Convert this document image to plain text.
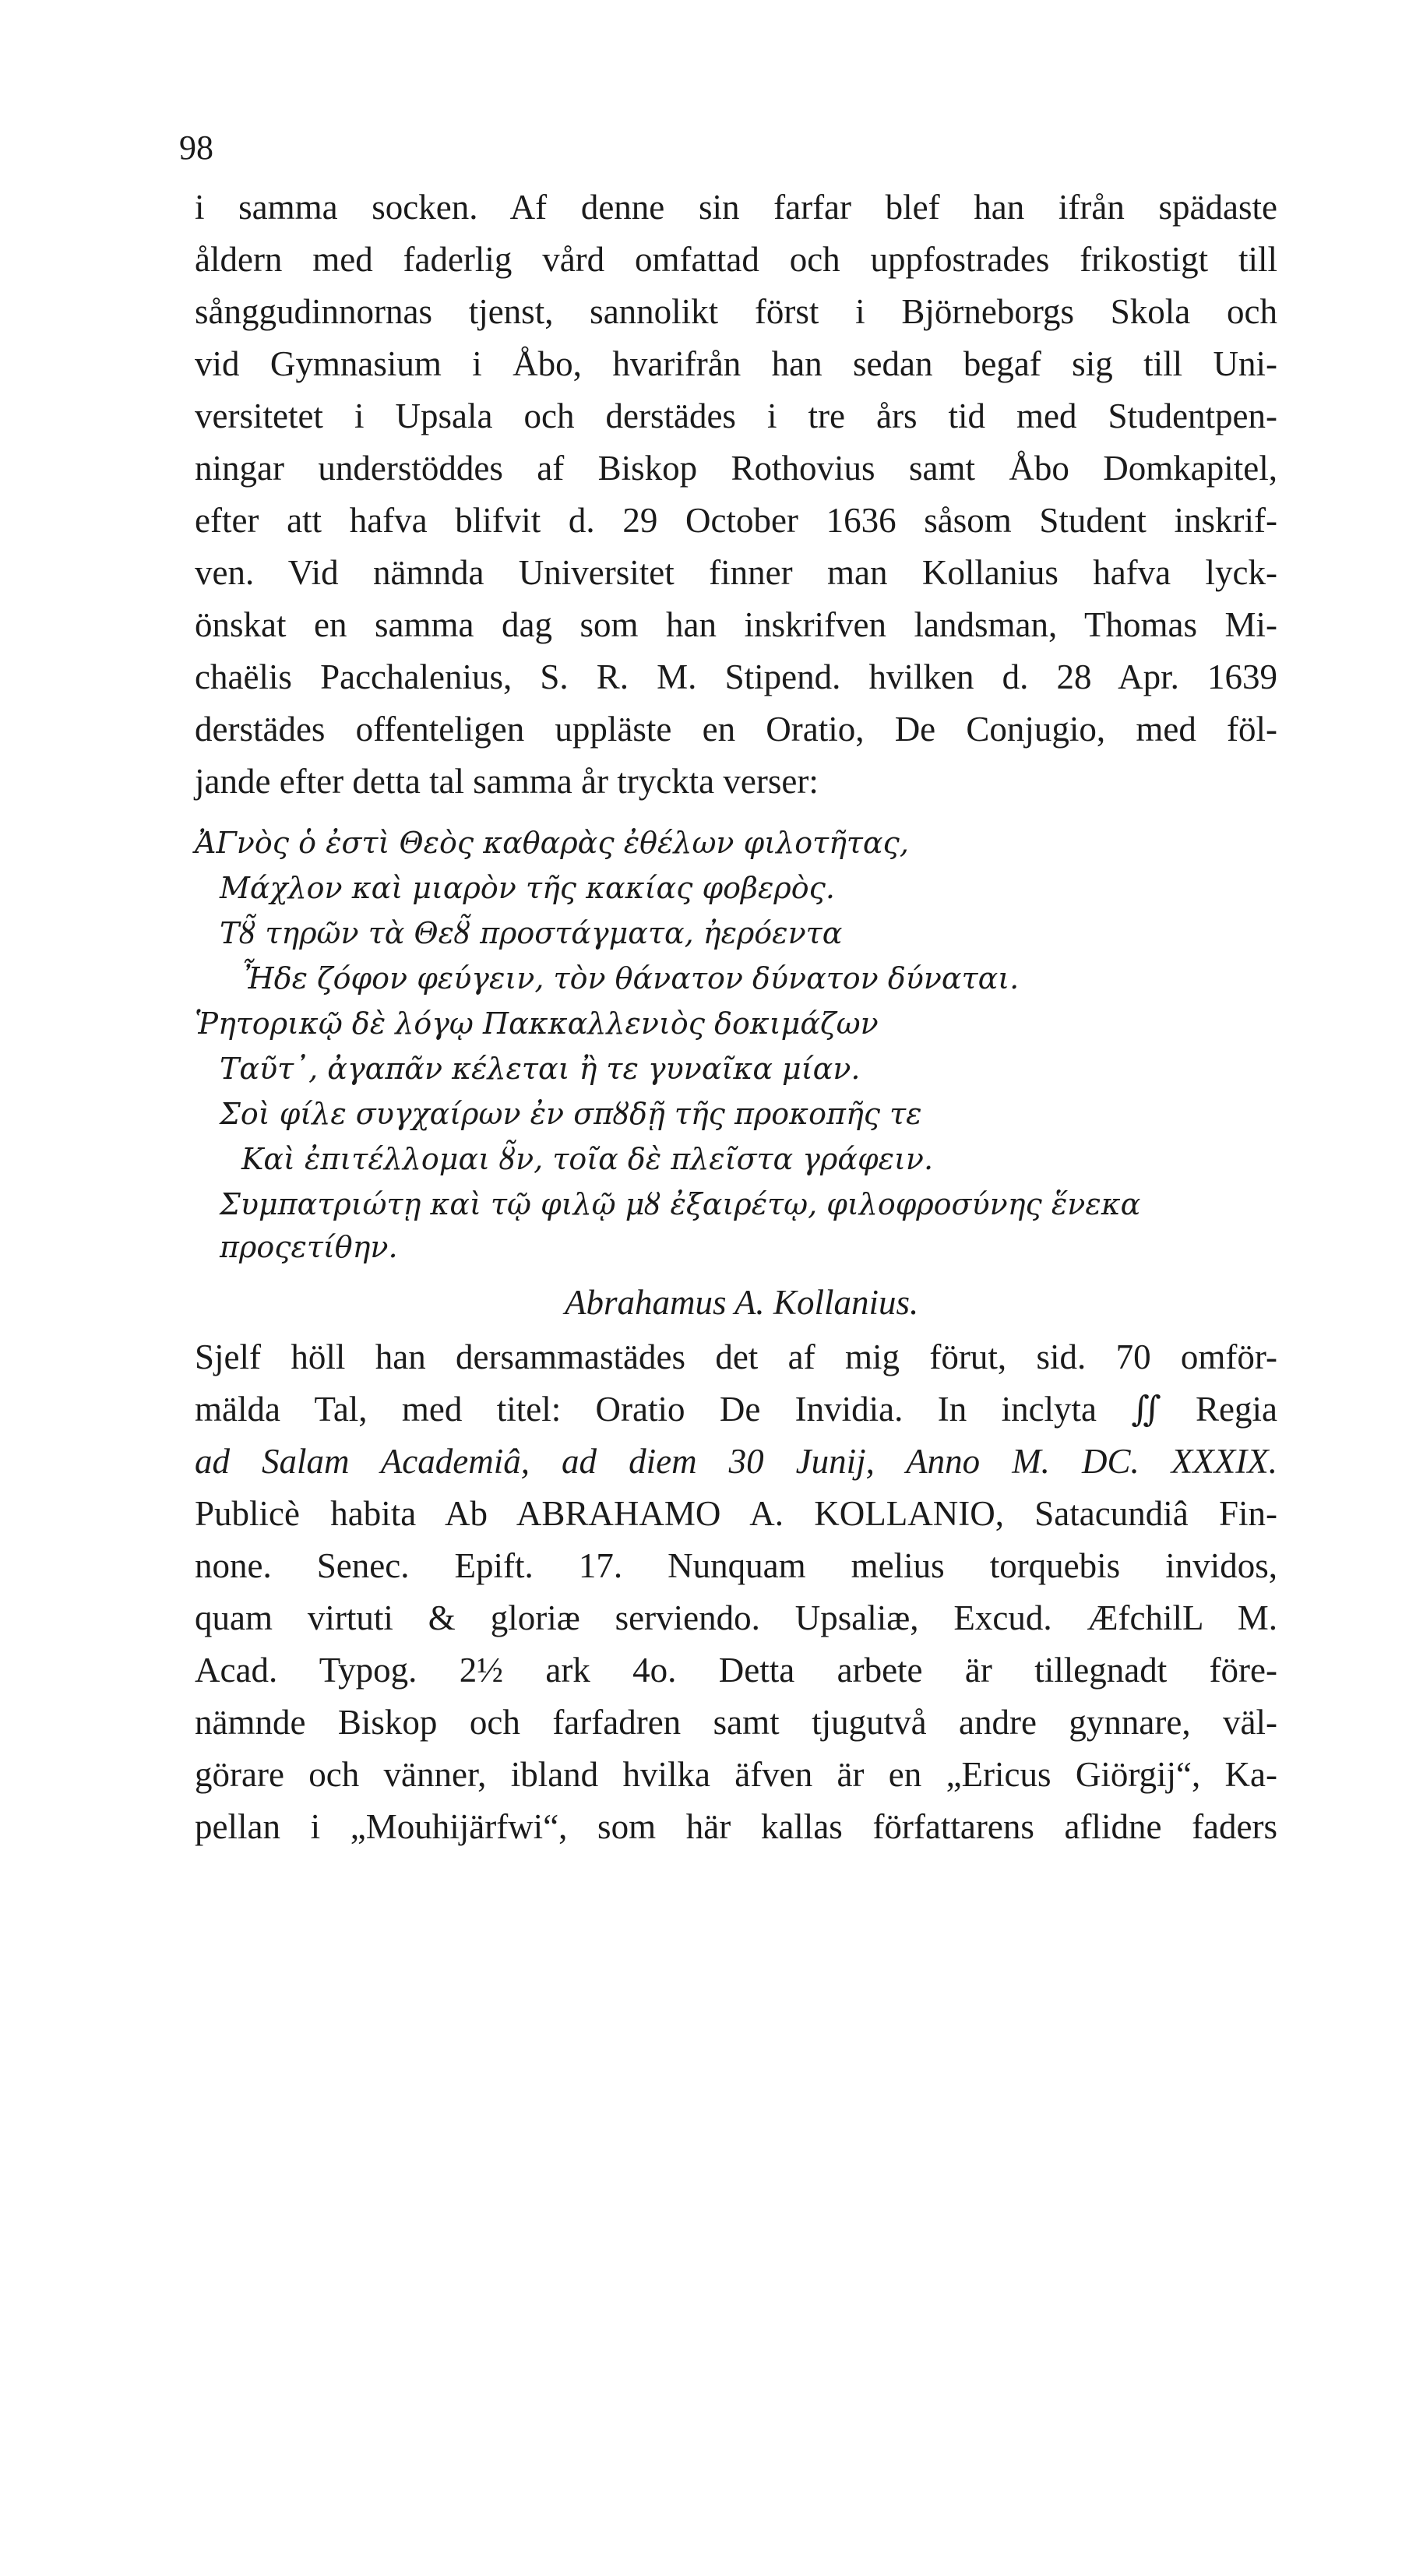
98
i samma socken. Af denne sin farfar blef han ifrån spädaste
åldern med faderlig vård omfattad och uppfostrades frikostigt till
sånggudinnornas tjenst, sannolikt först i Björneborgs Skola och
vid Gymnasium i Åbo, hvarifrån han sedan begaf sig till Uni-
versitetet i Upsala och derstädes i tre års tid med Studentpen-
ningar understöddes af Biskop Rothovius samt Åbo Domkapitel,
efter att hafva blifvit d. 29 October 1636 såsom Student inskrif-
ven. Vid nämnda Universitet finner man Kollanius hafva lyck-
önskat en samma dag som han inskrifven landsman, Thomas Mi-
chaëlis Pacchalenius, S. R. M. Stipend. hvilken d. 28 Apr. 1639
derstädes offenteligen uppläste en Oratio, De Conjugio, med föl-
jande efter detta tal samma år tryckta verser:
ἈΓνὸς ὁ ἐστὶ Θεὸς καθαρὰς ἐθέλων φιλοτῆτας,
Μάχλον καὶ μιαρὸν τῆς κακίας φοβερὸς.
Τȣ̃ τηρῶν τὰ Θεȣ̃ προστάγματα, ἠερόεντα
Ἦδε ζόφον φεύγειν, τὸν θάνατον δύνατον δύναται.
Ῥητορικῷ δὲ λόγῳ Πακκαλλενιὸς δοκιμάζων
Ταῦτ᾽, ἀγαπᾶν κέλεται ἢ τε γυναῖκα μίαν.
Σοὶ φίλε συγχαίρων ἐν σπȣδῇ τῆς προκοπῆς τε
Καὶ ἐπιτέλλομαι ȣ̃ν, τοῖα δὲ πλεῖστα γράφειν.
Συμπατριώτῃ καὶ τῷ φιλῷ μȣ ἐξαιρέτῳ, φιλοφροσύνης ἕνεκα
προςετίθην.
Abrahamus A. Kollanius.
Sjelf höll han dersammastädes det af mig förut, sid. 70 omför-
mälda Tal, med titel: Oratio De Invidia. In inclyta ∬ Regia
ad Salam Academiâ, ad diem 30 Junij, Anno M. DC. XXXIX.
Publicè habita Ab ABRAHAMO A. KOLLANIO, Satacundiâ Fin-
none. Senec. Epift. 17. Nunquam melius torquebis invidos,
quam virtuti & gloriæ serviendo. Upsaliæ, Excud. ÆfchilL M.
Acad. Typog. 2½ ark 4o. Detta arbete är tillegnadt före-
nämnde Biskop och farfadren samt tjugutvå andre gynnare, väl-
görare och vänner, ibland hvilka äfven är en „Ericus Giörgij“, Ka-
pellan i „Mouhijärfwi“, som här kallas författarens aflidne faders
